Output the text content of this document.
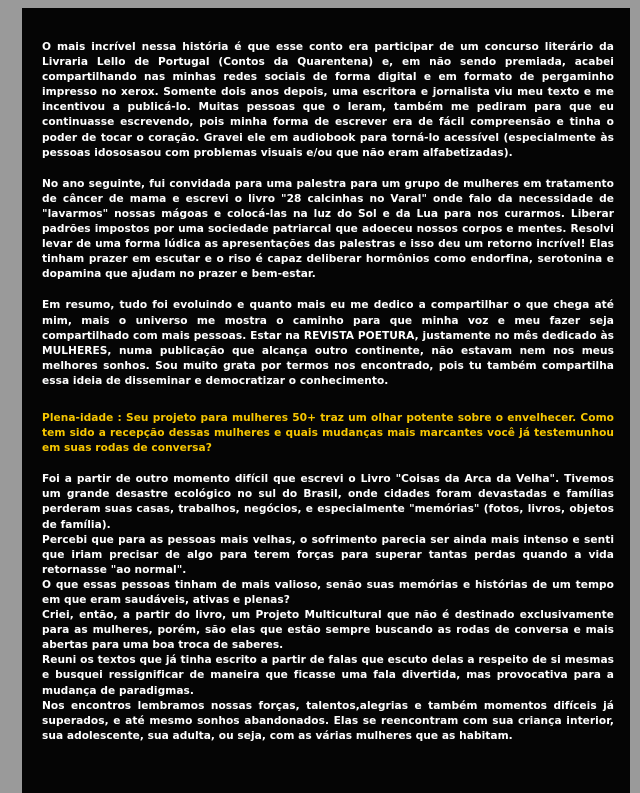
O mais incrível nessa história é que esse conto era participar de um concurso literário da Livraria Lello de Portugal (Contos da Quarentena) e, em não sendo premiada, acabei compartilhando nas minhas redes sociais de forma digital e em formato de pergaminho impresso no xerox. Somente dois anos depois, uma escritora e jornalista viu meu texto e me incentivou a publicá-lo. Muitas pessoas que o leram, também me pediram para que eu continuasse escrevendo, pois minha forma de escrever era de fácil compreensão e tinha o poder de tocar o coração. Gravei ele em audiobook para torná-lo acessível (especialmente às pessoas idososasou com problemas visuais e/ou que não eram alfabetizadas).

No ano seguinte, fui convidada para uma palestra para um grupo de mulheres em tratamento de câncer de mama e escrevi o livro "28 calcinhas no Varal" onde falo da necessidade de "lavarmos" nossas mágoas e colocá-las na luz do Sol e da Lua para nos curarmos. Liberar padrões impostos por uma sociedade patriarcal que adoeceu nossos corpos e mentes. Resolvi levar de uma forma lúdica as apresentações das palestras e isso deu um retorno incrível! Elas tinham prazer em escutar e o riso é capaz deliberar hormônios como endorfina, serotonina e dopamina que ajudam no prazer e bem-estar.

Em resumo, tudo foi evoluindo e quanto mais eu me dedico a compartilhar o que chega até mim, mais o universo me mostra o caminho para que minha voz e meu fazer seja compartilhado com mais pessoas. Estar na REVISTA POETURA, justamente no mês dedicado às MULHERES, numa publicação que alcança outro continente, não estavam nem nos meus melhores sonhos. Sou muito grata por termos nos encontrado, pois tu também compartilha essa ideia de disseminar e democratizar o conhecimento.

Plena-idade : Seu projeto para mulheres 50+ traz um olhar potente sobre o envelhecer. Como tem sido a recepção dessas mulheres e quais mudanças mais marcantes você já testemunhou em suas rodas de conversa?

Foi a partir de outro momento difícil que escrevi o Livro "Coisas da Arca da Velha". Tivemos um grande desastre ecológico no sul do Brasil, onde cidades foram devastadas e famílias perderam suas casas, trabalhos, negócios, e especialmente "memórias" (fotos, livros, objetos de família).

Percebi que para as pessoas mais velhas, o sofrimento parecia ser ainda mais intenso e senti que iriam precisar de algo para terem forças para superar tantas perdas quando a vida retornasse "ao normal".

O que essas pessoas tinham de mais valioso, senão suas memórias e histórias de um tempo em que eram saudáveis, ativas e plenas?

Criei, então, a partir do livro, um Projeto Multicultural que não é destinado exclusivamente para as mulheres, porém, são elas que estão sempre buscando as rodas de conversa e mais abertas para uma boa troca de saberes.

Reuni os textos que já tinha escrito a partir de falas que escuto delas a respeito de si mesmas e busquei ressignificar de maneira que ficasse uma fala divertida, mas provocativa para a mudança de paradigmas.

Nos encontros lembramos nossas forças, talentos,alegrias e também momentos difíceis já superados, e até mesmo sonhos abandonados. Elas se reencontram com sua criança interior, sua adolescente, sua adulta, ou seja, com as várias mulheres que as habitam.
